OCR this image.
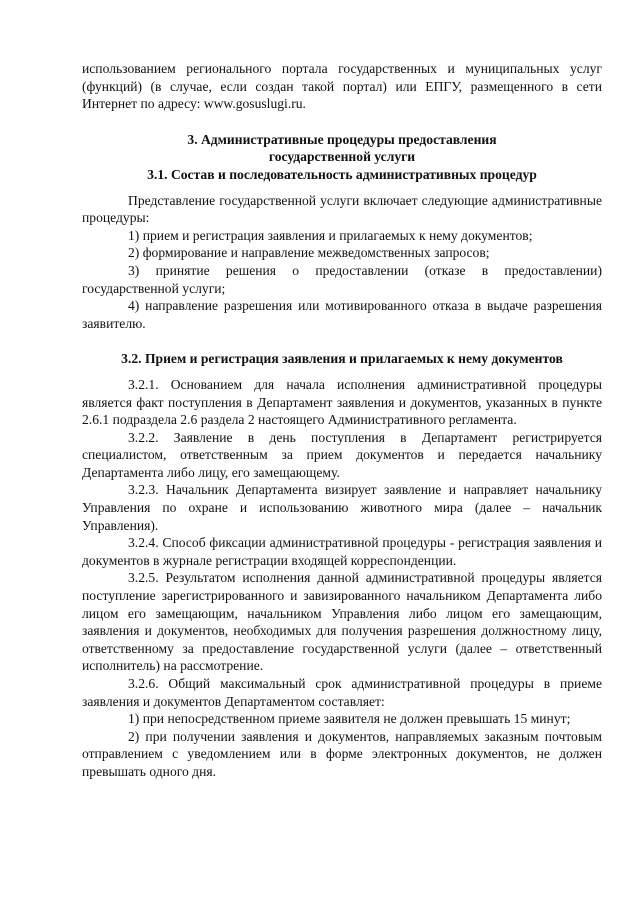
использованием регионального портала государственных и муниципальных услуг (функций) (в случае, если создан такой портал) или ЕПГУ, размещенного в сети Интернет по адресу: www.gosuslugi.ru.

3. Административные процедуры предоставления

государственной услуги

3.1. Состав и последовательность административных процедур

Представление государственной услуги включает следующие административные процедуры:

1) прием и регистрация заявления и прилагаемых к нему документов;

2) формирование и направление межведомственных запросов;

3) принятие решения о предоставлении (отказе в предоставлении) государственной услуги;

4) направление разрешения или мотивированного отказа в выдаче разрешения заявителю.

3.2. Прием и регистрация заявления и прилагаемых к нему документов

3.2.1. Основанием для начала исполнения административной процедуры является факт поступления в Департамент заявления и документов, указанных в пункте 2.6.1 подраздела 2.6 раздела 2 настоящего Административного регламента.

3.2.2. Заявление в день поступления в Департамент регистрируется специалистом, ответственным за прием документов и передается начальнику Департамента либо лицу, его замещающему.

3.2.3. Начальник Департамента визирует заявление и направляет начальнику Управления по охране и использованию животного мира (далее – начальник Управления).

3.2.4. Способ фиксации административной процедуры - регистрация заявления и документов в журнале регистрации входящей корреспонденции.

3.2.5. Результатом исполнения данной административной процедуры является поступление зарегистрированного и завизированного начальником Департамента либо лицом его замещающим, начальником Управления либо лицом его замещающим, заявления и документов, необходимых для получения разрешения должностному лицу, ответственному за предоставление государственной услуги (далее – ответственный исполнитель) на рассмотрение.

3.2.6. Общий максимальный срок административной процедуры в приеме заявления и документов Департаментом составляет:

1) при непосредственном приеме заявителя не должен превышать 15 минут;

2) при получении заявления и документов, направляемых заказным почтовым отправлением с уведомлением или в форме электронных документов, не должен превышать одного дня.
